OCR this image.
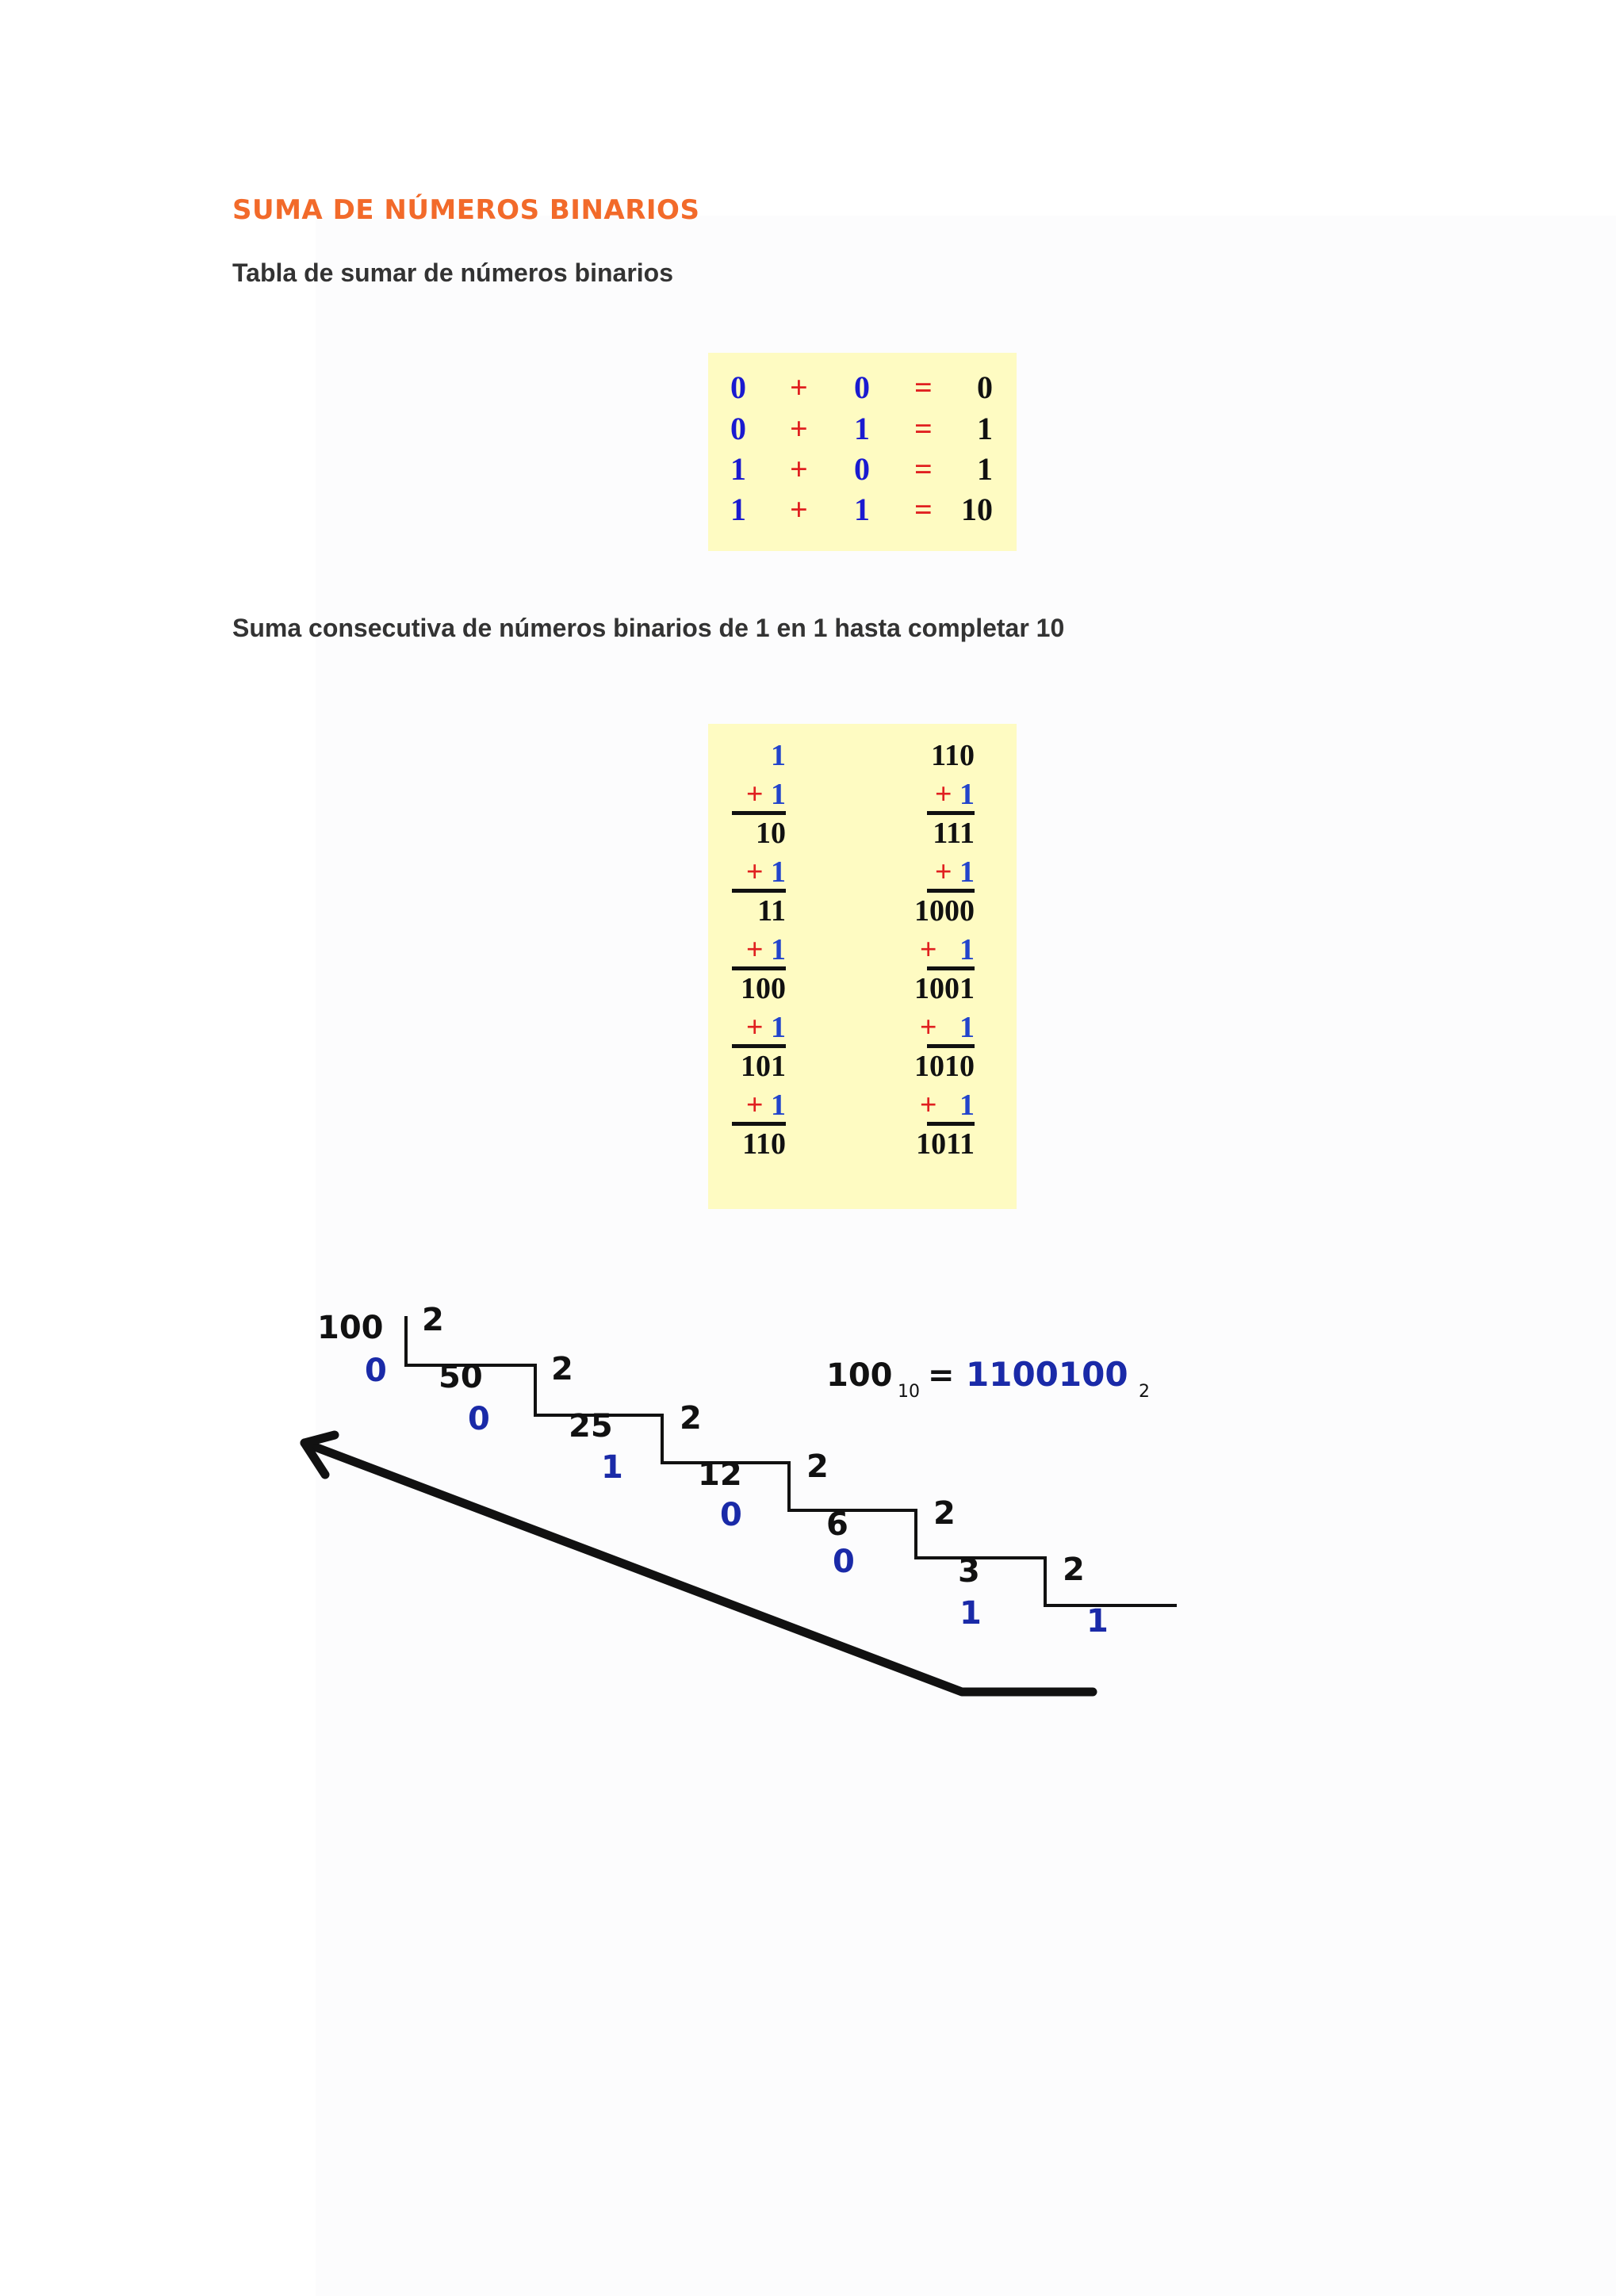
SUMA DE NÚMEROS BINARIOS
Tabla de sumar de números binarios
0 + 0 = 0
0 + 1 = 1
1 + 0 = 1
1 + 1 = 10
Suma consecutiva de números binarios de 1 en 1 hasta completar 10
1
+ 1
10
+ 1
11
+ 1
100
+ 1
101
+ 1
110
110
+ 1
111
+ 1
1000
+ 1
1001
+ 1
1010
+ 1
1011
100
50
25
12
6
3
2
2
2
2
2
2
0
0
1
0
0
1	1
100 10 = 1100100 2
